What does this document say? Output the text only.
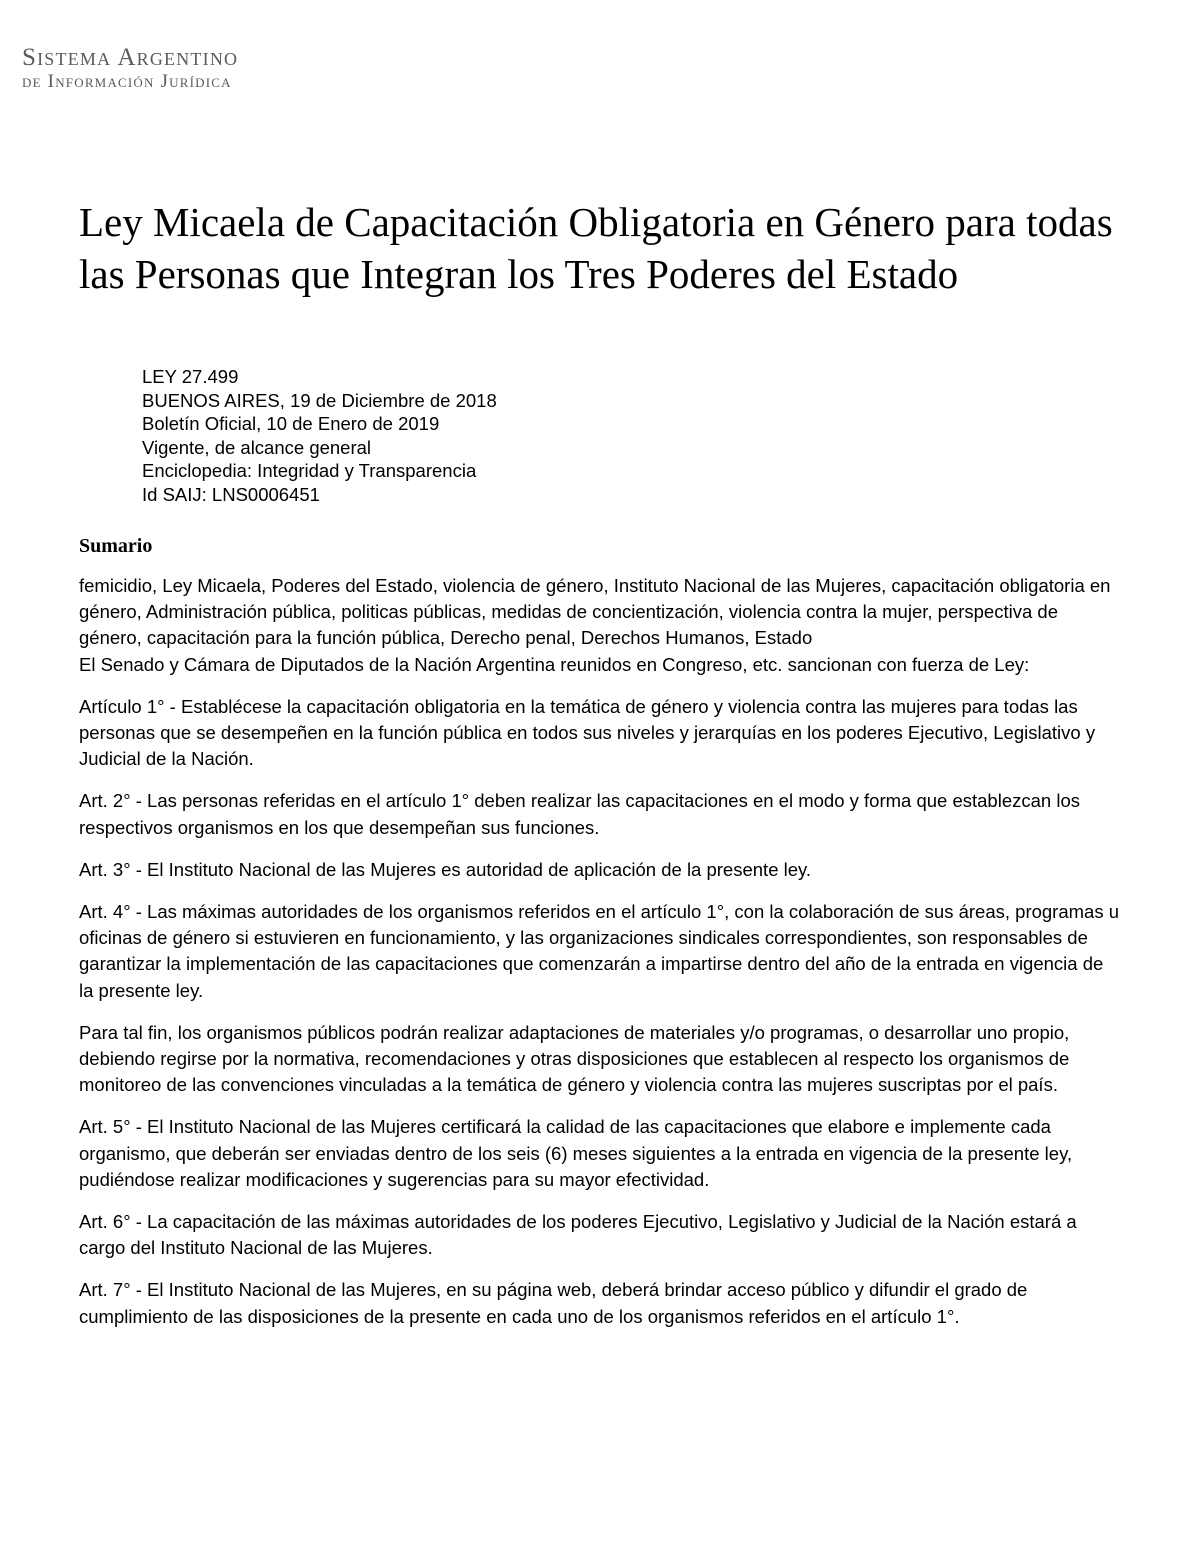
Sistema Argentino
de Información Jurídica
Ley Micaela de Capacitación Obligatoria en Género para todas las Personas que Integran los Tres Poderes del Estado
LEY 27.499
BUENOS AIRES, 19 de Diciembre de 2018
Boletín Oficial, 10 de Enero de 2019
Vigente, de alcance general
Enciclopedia: Integridad y Transparencia
Id SAIJ: LNS0006451
Sumario

femicidio, Ley Micaela, Poderes del Estado, violencia de género, Instituto Nacional de las Mujeres, capacitación obligatoria en género, Administración pública, politicas públicas, medidas de concientización, violencia contra la mujer, perspectiva de género, capacitación para la función pública, Derecho penal, Derechos Humanos, Estado

El Senado y Cámara de Diputados de la Nación Argentina reunidos en Congreso, etc. sancionan con fuerza de Ley:

Artículo 1° - Establécese la capacitación obligatoria en la temática de género y violencia contra las mujeres para todas las personas que se desempeñen en la función pública en todos sus niveles y jerarquías en los poderes Ejecutivo, Legislativo y Judicial de la Nación.

Art. 2° - Las personas referidas en el artículo 1° deben realizar las capacitaciones en el modo y forma que establezcan los respectivos organismos en los que desempeñan sus funciones.

Art. 3° - El Instituto Nacional de las Mujeres es autoridad de aplicación de la presente ley.

Art. 4° - Las máximas autoridades de los organismos referidos en el artículo 1°, con la colaboración de sus áreas, programas u oficinas de género si estuvieren en funcionamiento, y las organizaciones sindicales correspondientes, son responsables de garantizar la implementación de las capacitaciones que comenzarán a impartirse dentro del año de la entrada en vigencia de la presente ley.

Para tal fin, los organismos públicos podrán realizar adaptaciones de materiales y/o programas, o desarrollar uno propio, debiendo regirse por la normativa, recomendaciones y otras disposiciones que establecen al respecto los organismos de monitoreo de las convenciones vinculadas a la temática de género y violencia contra las mujeres suscriptas por el país.

Art. 5° - El Instituto Nacional de las Mujeres certificará la calidad de las capacitaciones que elabore e implemente cada organismo, que deberán ser enviadas dentro de los seis (6) meses siguientes a la entrada en vigencia de la presente ley, pudiéndose realizar modificaciones y sugerencias para su mayor efectividad.

Art. 6° - La capacitación de las máximas autoridades de los poderes Ejecutivo, Legislativo y Judicial de la Nación estará a cargo del Instituto Nacional de las Mujeres.

Art. 7° - El Instituto Nacional de las Mujeres, en su página web, deberá brindar acceso público y difundir el grado de cumplimiento de las disposiciones de la presente en cada uno de los organismos referidos en el artículo 1°.
